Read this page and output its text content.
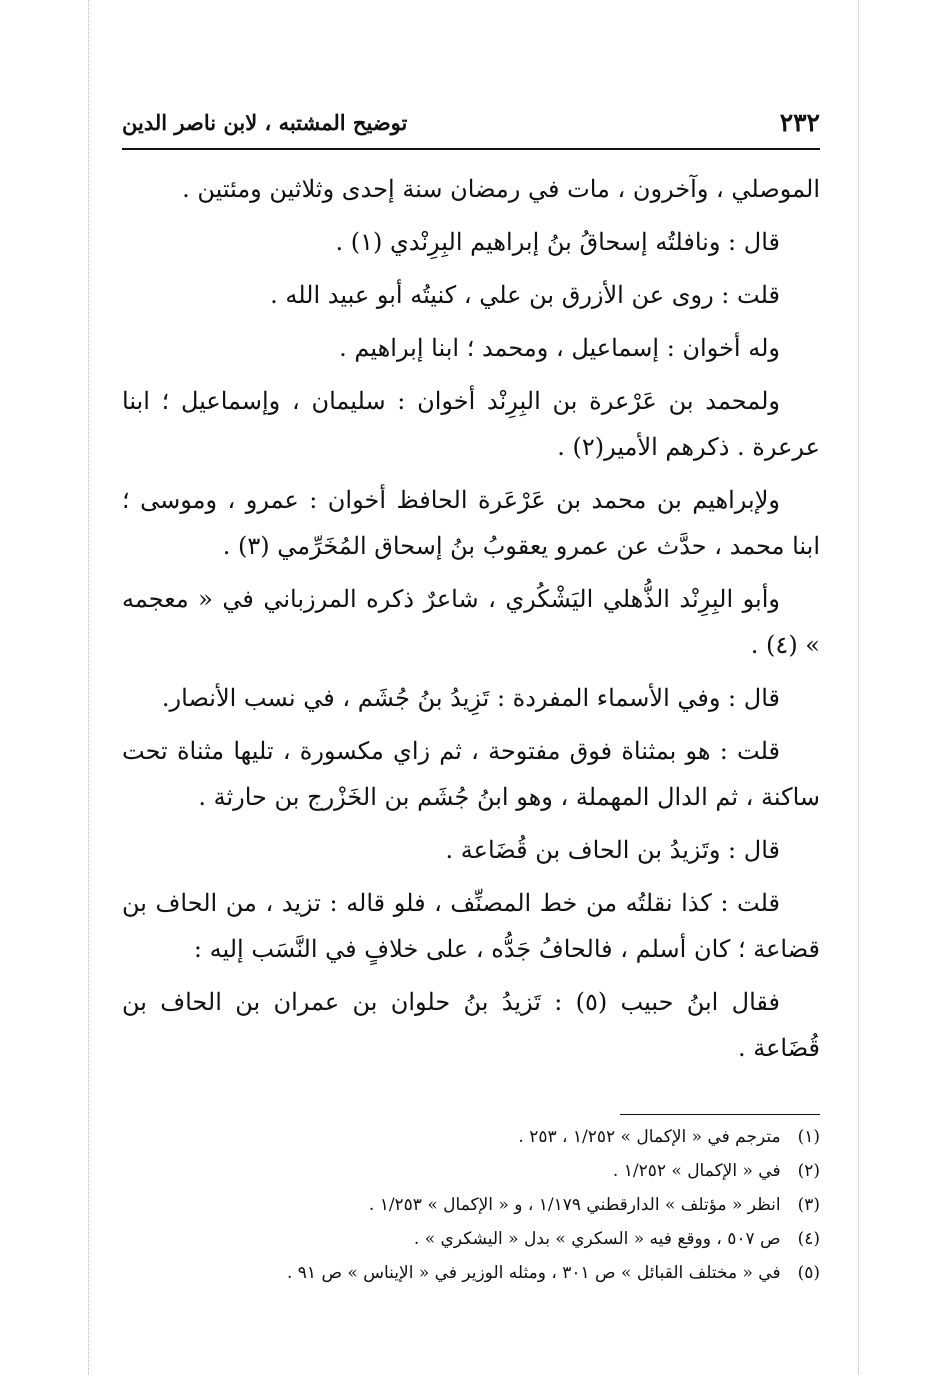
٢٣٢
توضيح المشتبه ، لابن ناصر الدين

الموصلي ، وآخرون ، مات في رمضان سنة إحدى وثلاثين ومئتين .

قال : ونافلتُه إسحاقُ بنُ إبراهيم البِرِنْدي (١) .

قلت : روى عن الأزرق بن علي ، كنيتُه أبو عبيد الله .

وله أخوان : إسماعيل ، ومحمد ؛ ابنا إبراهيم .

ولمحمد بن عَرْعرة بن البِرِنْد أخوان : سليمان ، وإسماعيل ؛ ابنا عرعرة . ذكرهم الأمير(٢) .

ولإبراهيم بن محمد بن عَرْعَرة الحافظ أخوان : عمرو ، وموسى ؛ ابنا محمد ، حدَّث عن عمرو يعقوبُ بنُ إسحاق المُخَرِّمي (٣) .

وأبو البِرِنْد الذُّهلي اليَشْكُري ، شاعرٌ ذكره المرزباني في « معجمه » (٤) .

قال : وفي الأسماء المفردة : تَزِيدُ بنُ جُشَم ، في نسب الأنصار.

قلت : هو بمثناة فوق مفتوحة ، ثم زاي مكسورة ، تليها مثناة تحت ساكنة ، ثم الدال المهملة ، وهو ابنُ جُشَم بن الخَزْرج بن حارثة .

قال : وتَزيدُ بن الحاف بن قُضَاعة .

قلت : كذا نقلتُه من خط المصنِّف ، فلو قاله : تزيد ، من الحاف بن قضاعة ؛ كان أسلم ، فالحافُ جَدُّه ، على خلافٍ في النَّسَب إليه :

فقال ابنُ حبيب (٥) : تَزيدُ بنُ حلوان بن عمران بن الحاف بن قُضَاعة .

(١) مترجم في « الإكمال » ١/٢٥٢ ، ٢٥٣ .
(٢) في « الإكمال » ١/٢٥٢ .
(٣) انظر « مؤتلف » الدارقطني ١/١٧٩ ، و « الإكمال » ١/٢٥٣ .
(٤) ص ٥٠٧ ، ووقع فيه « السكري » بدل « اليشكري » .
(٥) في « مختلف القبائل » ص ٣٠١ ، ومثله الوزير في « الإيناس » ص ٩١ .
